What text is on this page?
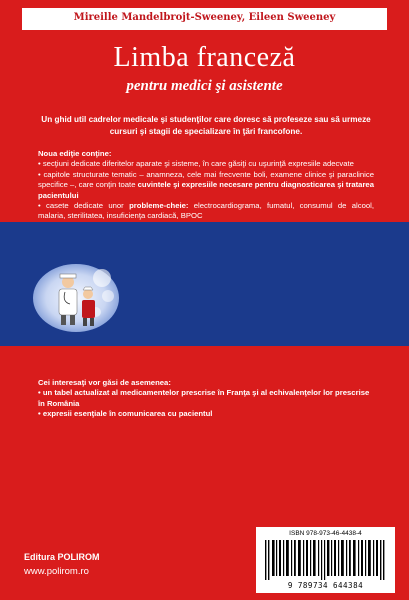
Mireille Mandelbrojt-Sweeney, Eileen Sweeney
Limba franceză
pentru medici şi asistente
Un ghid util cadrelor medicale şi studenţilor care doresc să profeseze sau să urmeze cursuri şi stagii de specializare în ţări francofone.
Noua ediţie conţine:
• secţiuni dedicate diferitelor aparate şi sisteme, în care găsiţi cu uşurinţă expresiile adecvate
• capitole structurate tematic – anamneza, cele mai frecvente boli, examene clinice şi paraclinice specifice –, care conţin toate cuvintele şi expresiile necesare pentru diagnosticarea şi tratarea pacientului
• casete dedicate unor probleme-cheie: electrocardiograma, fumatul, consumul de alcool, malaria, sterilitatea, insuficienţa cardiacă, BPOC
Cei interesaţi vor găsi de asemenea:
• un tabel actualizat al medicamentelor prescrise în Franţa şi al echivalenţelor lor prescrise în România
• expresii esenţiale în comunicarea cu pacientul
Editura POLIROM
www.polirom.ro
ISBN 978-973-46-4438-4
9 789734 644384
